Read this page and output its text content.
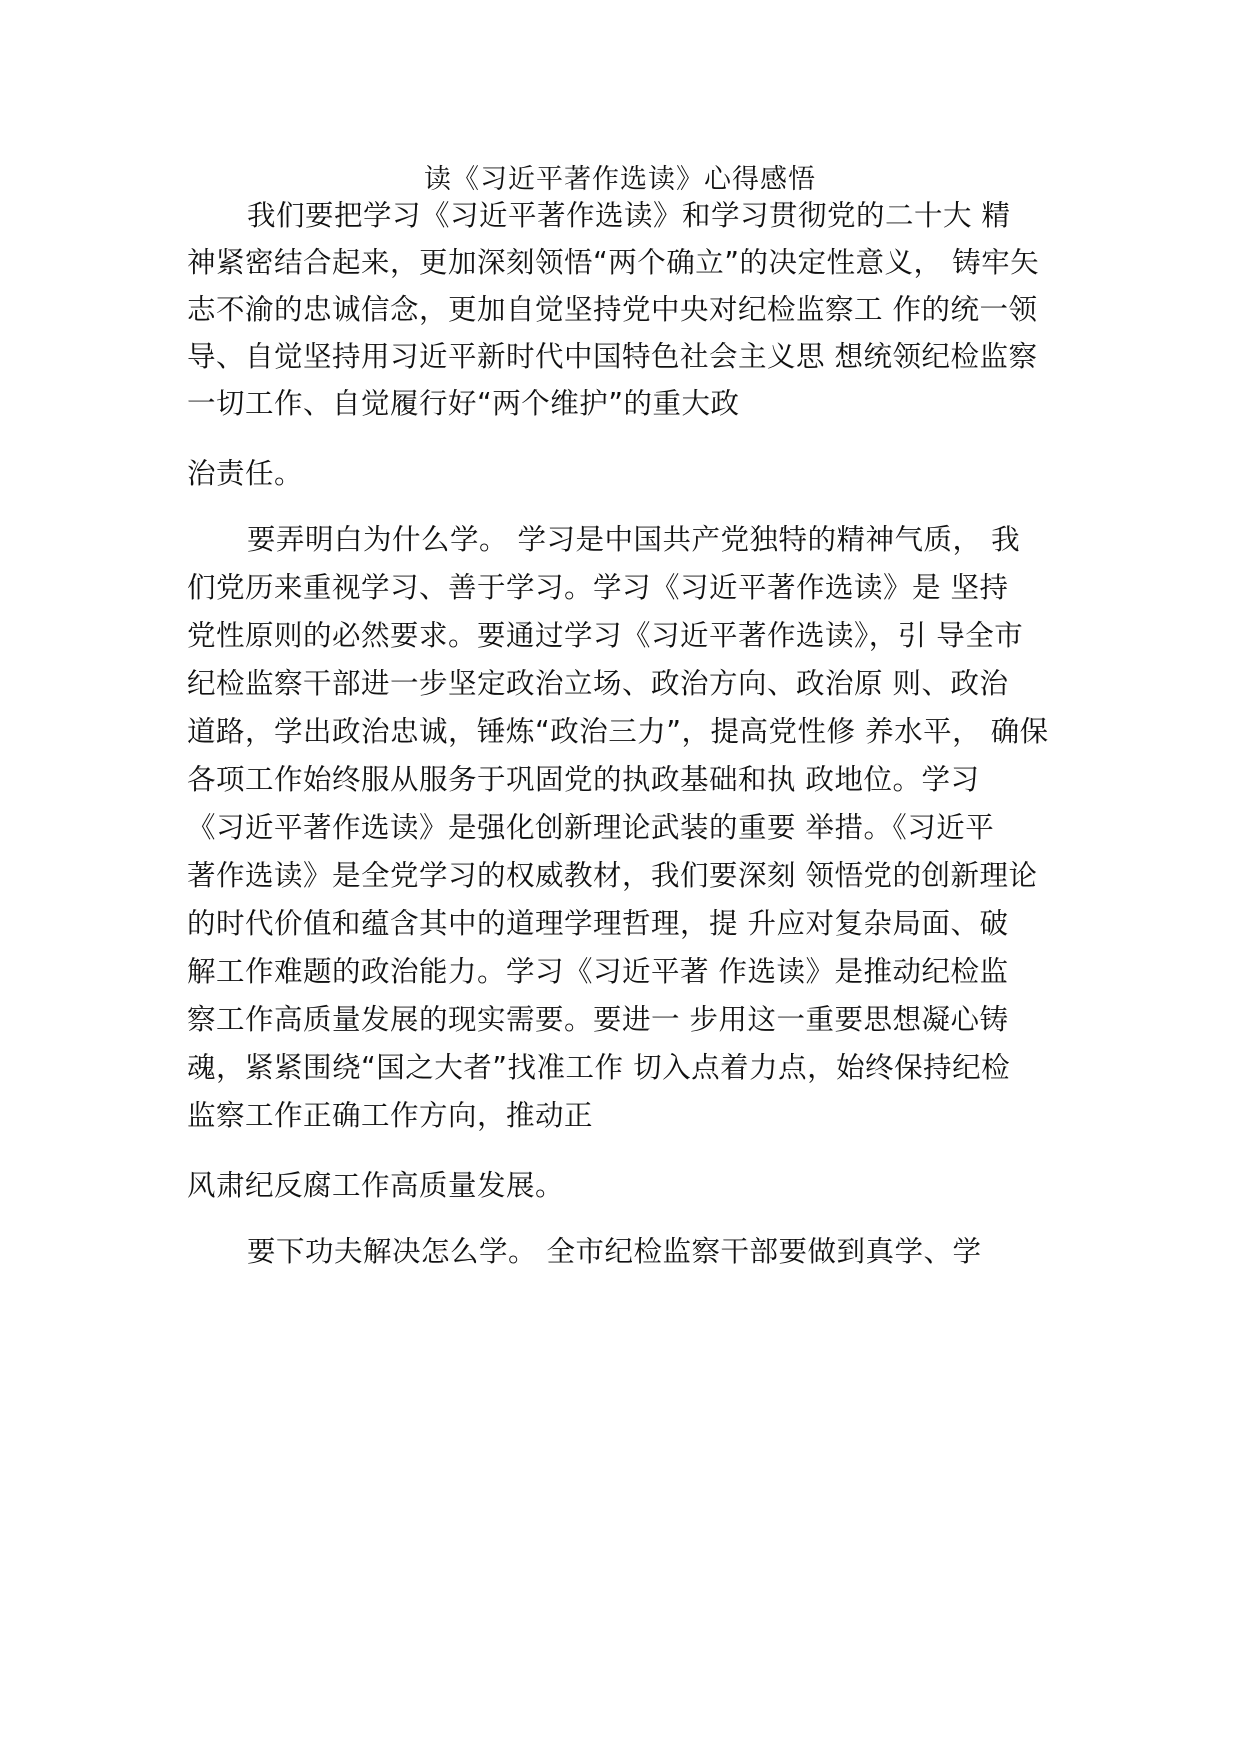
读《习近平著作选读》心得感悟
我们要把学习《习近平著作选读》和学习贯彻党的二十大 精
神紧密结合起来，更加深刻领悟“两个确立”的决定性意义， 铸牢矢
志不渝的忠诚信念，更加自觉坚持党中央对纪检监察工 作的统一领
导、自觉坚持用习近平新时代中国特色社会主义思 想统领纪检监察
一切工作、自觉履行好“两个维护”的重大政
治责任。
要弄明白为什么学。 学习是中国共产党独特的精神气质， 我
们党历来重视学习、善于学习。学习《习近平著作选读》是 坚持
党性原则的必然要求。要通过学习《习近平著作选读》，引 导全市
纪检监察干部进一步坚定政治立场、政治方向、政治原 则、政治
道路，学出政治忠诚，锤炼“政治三力”，提高党性修 养水平， 确保
各项工作始终服从服务于巩固党的执政基础和执 政地位。学习
《习近平著作选读》是强化创新理论武装的重要 举措。《习近平
著作选读》是全党学习的权威教材，我们要深刻 领悟党的创新理论
的时代价值和蕴含其中的道理学理哲理，提 升应对复杂局面、破
解工作难题的政治能力。学习《习近平著 作选读》是推动纪检监
察工作高质量发展的现实需要。要进一 步用这一重要思想凝心铸
魂，紧紧围绕“国之大者”找准工作 切入点着力点，始终保持纪检
监察工作正确工作方向，推动正
风肃纪反腐工作高质量发展。
要下功夫解决怎么学。 全市纪检监察干部要做到真学、学
